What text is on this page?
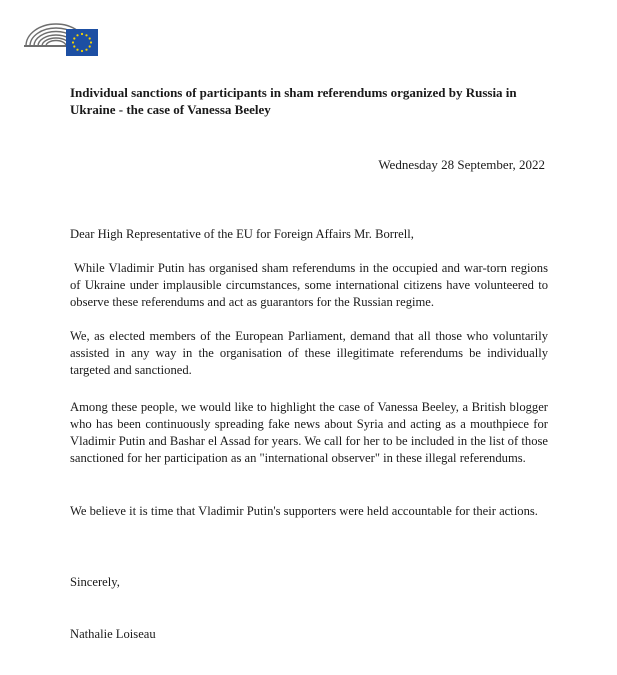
Individual sanctions of participants in sham referendums organized by Russia in Ukraine - the case of Vanessa Beeley

Wednesday 28 September, 2022

Dear High Representative of the EU for Foreign Affairs Mr. Borrell,

While Vladimir Putin has organised sham referendums in the occupied and war-torn regions of Ukraine under implausible circumstances, some international citizens have volunteered to observe these referendums and act as guarantors for the Russian regime.

We, as elected members of the European Parliament, demand that all those who voluntarily assisted in any way in the organisation of these illegitimate referendums be individually targeted and sanctioned.

Among these people, we would like to highlight the case of Vanessa Beeley, a British blogger who has been continuously spreading fake news about Syria and acting as a mouthpiece for Vladimir Putin and Bashar el Assad for years. We call for her to be included in the list of those sanctioned for her participation as an "international observer" in these illegal referendums.

We believe it is time that Vladimir Putin's supporters were held accountable for their actions.

Sincerely,

Nathalie Loiseau
